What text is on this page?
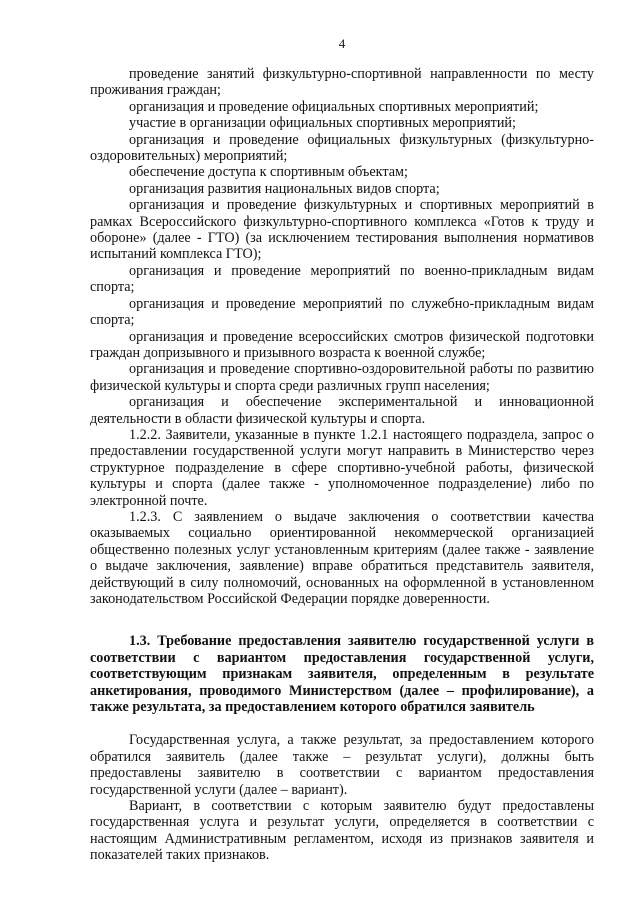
4

проведение занятий физкультурно-спортивной направленности по месту проживания граждан;

организация и проведение официальных спортивных мероприятий;

участие в организации официальных спортивных мероприятий;

организация и проведение официальных физкультурных (физкультурно-оздоровительных) мероприятий;

обеспечение доступа к спортивным объектам;

организация развития национальных видов спорта;

организация и проведение физкультурных и спортивных мероприятий в рамках Всероссийского физкультурно-спортивного комплекса «Готов к труду и обороне» (далее - ГТО) (за исключением тестирования выполнения нормативов испытаний комплекса ГТО);

организация и проведение мероприятий по военно-прикладным видам спорта;

организация и проведение мероприятий по служебно-прикладным видам спорта;

организация и проведение всероссийских смотров физической подготовки граждан допризывного и призывного возраста к военной службе;

организация и проведение спортивно-оздоровительной работы по развитию физической культуры и спорта среди различных групп населения;

организация и обеспечение экспериментальной и инновационной деятельности в области физической культуры и спорта.

1.2.2. Заявители, указанные в пункте 1.2.1 настоящего подраздела, запрос о предоставлении государственной услуги могут направить в Министерство через структурное подразделение в сфере спортивно-учебной работы, физической культуры и спорта (далее также - уполномоченное подразделение) либо по электронной почте.

1.2.3. С заявлением о выдаче заключения о соответствии качества оказываемых социально ориентированной некоммерческой организацией общественно полезных услуг установленным критериям (далее также - заявление о выдаче заключения, заявление) вправе обратиться представитель заявителя, действующий в силу полномочий, основанных на оформленной в установленном законодательством Российской Федерации порядке доверенности.

1.3. Требование предоставления заявителю государственной услуги в соответствии с вариантом предоставления государственной услуги, соответствующим признакам заявителя, определенным в результате анкетирования, проводимого Министерством (далее – профилирование), а также результата, за предоставлением которого обратился заявитель

Государственная услуга, а также результат, за предоставлением которого обратился заявитель (далее также – результат услуги), должны быть предоставлены заявителю в соответствии с вариантом предоставления государственной услуги (далее – вариант).

Вариант, в соответствии с которым заявителю будут предоставлены государственная услуга и результат услуги, определяется в соответствии с настоящим Административным регламентом, исходя из признаков заявителя и показателей таких признаков.
